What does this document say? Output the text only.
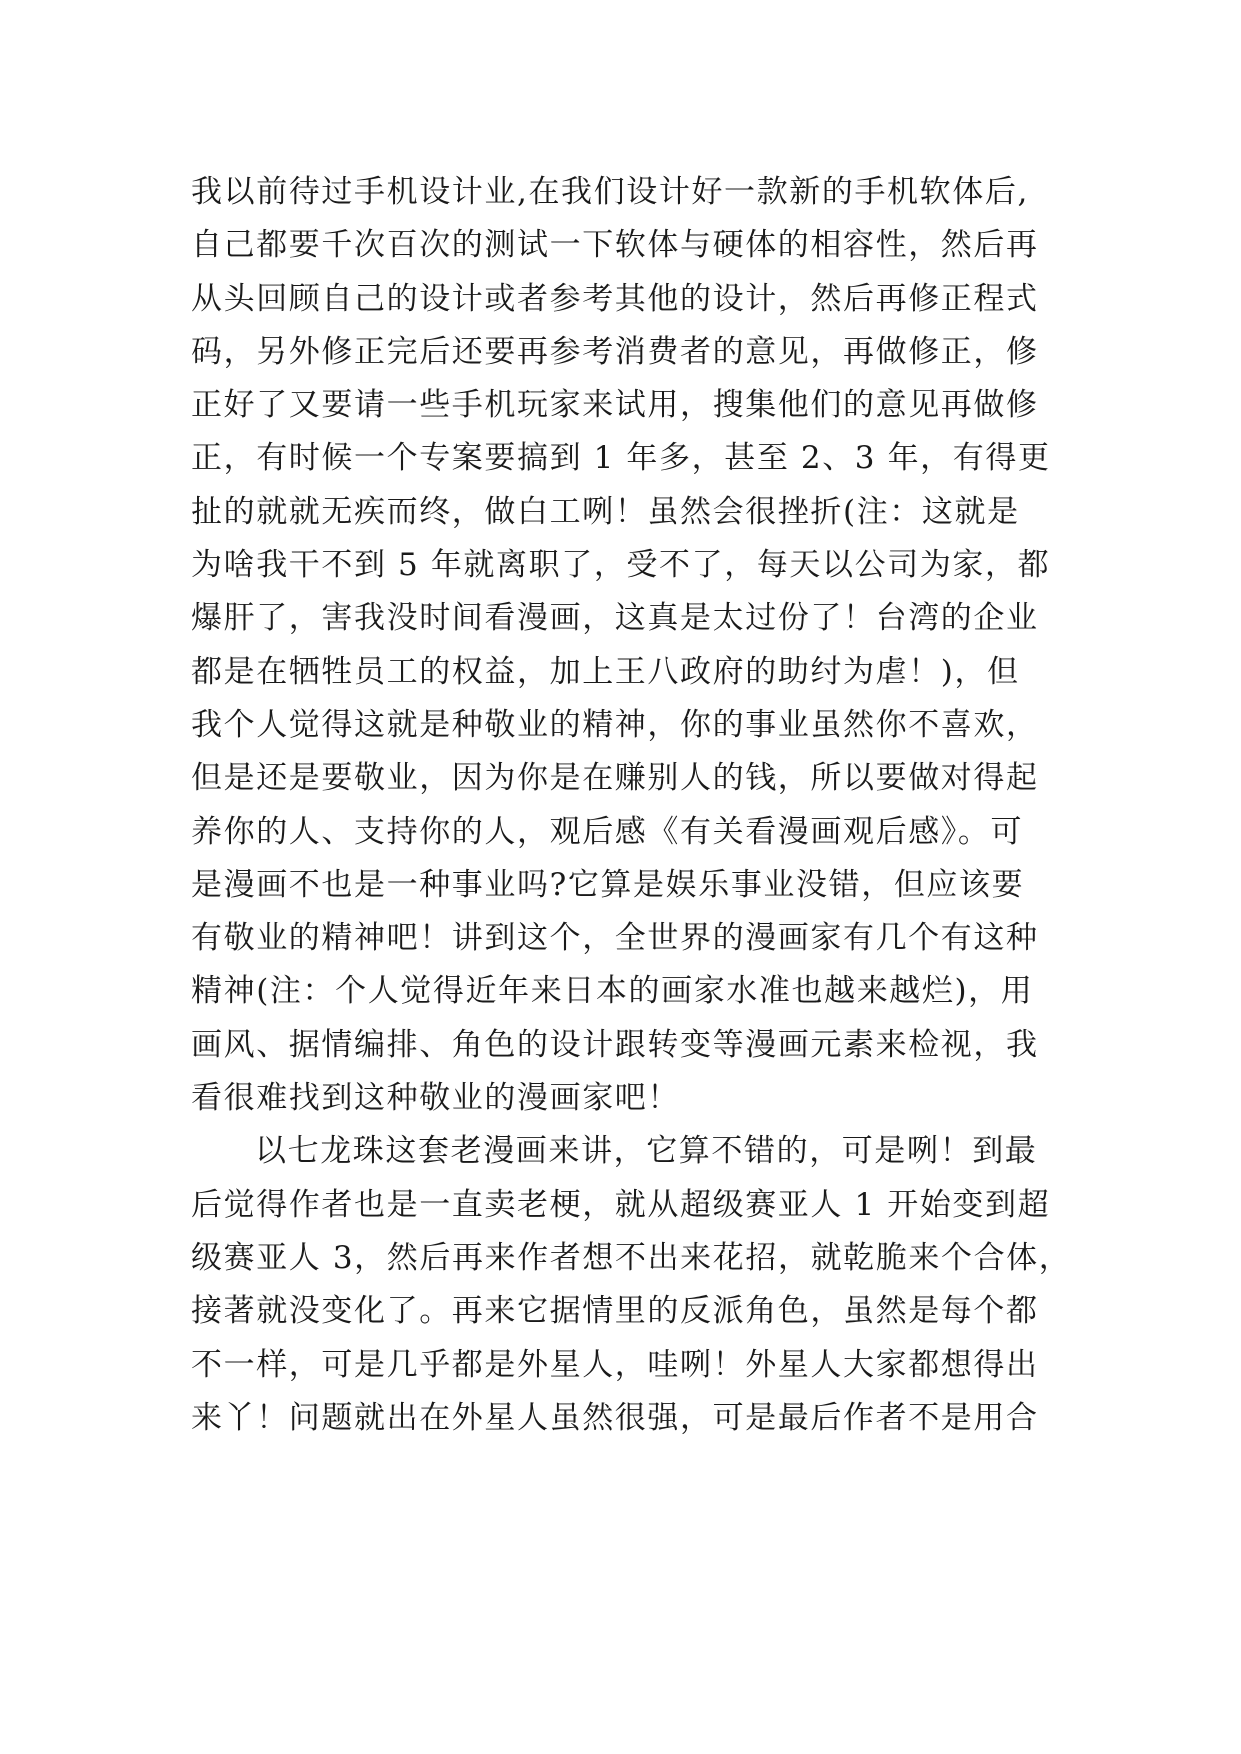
我以前待过手机设计业,在我们设计好一款新的手机软体后,
自己都要千次百次的测试一下软体与硬体的相容性，然后再
从头回顾自己的设计或者参考其他的设计，然后再修正程式
码，另外修正完后还要再参考消费者的意见，再做修正，修
正好了又要请一些手机玩家来试用，搜集他们的意见再做修
正，有时候一个专案要搞到 1 年多，甚至 2、3 年，有得更
扯的就就无疾而终，做白工咧！虽然会很挫折(注：这就是
为啥我干不到 5 年就离职了，受不了，每天以公司为家，都
爆肝了，害我没时间看漫画，这真是太过份了！台湾的企业
都是在牺牲员工的权益，加上王八政府的助纣为虐！)，但
我个人觉得这就是种敬业的精神，你的事业虽然你不喜欢，
但是还是要敬业，因为你是在赚别人的钱，所以要做对得起
养你的人、支持你的人，观后感《有关看漫画观后感》。可
是漫画不也是一种事业吗?它算是娱乐事业没错，但应该要
有敬业的精神吧！讲到这个，全世界的漫画家有几个有这种
精神(注：个人觉得近年来日本的画家水准也越来越烂)，用
画风、据情编排、角色的设计跟转变等漫画元素来检视，我
看很难找到这种敬业的漫画家吧！
以七龙珠这套老漫画来讲，它算不错的，可是咧！到最
后觉得作者也是一直卖老梗，就从超级赛亚人 1 开始变到超
级赛亚人 3，然后再来作者想不出来花招，就乾脆来个合体，
接著就没变化了。再来它据情里的反派角色，虽然是每个都
不一样，可是几乎都是外星人，哇咧！外星人大家都想得出
来丫！问题就出在外星人虽然很强，可是最后作者不是用合
